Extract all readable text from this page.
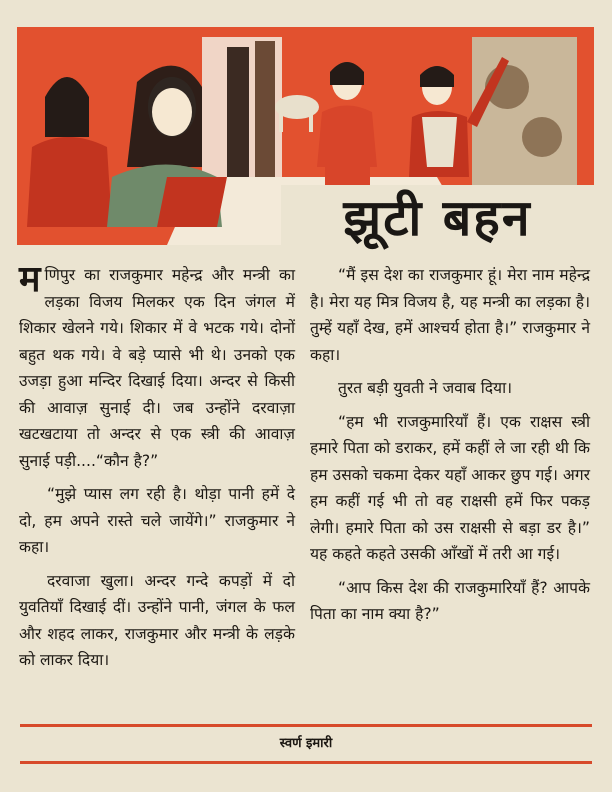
झूटी बहन

मणिपुर का राजकुमार महेन्द्र और मन्त्री का लड़का विजय मिलकर एक दिन जंगल में शिकार खेलने गये। शिकार में वे भटक गये। दोनों बहुत थक गये। वे बड़े प्यासे भी थे। उनको एक उजड़ा हुआ मन्दिर दिखाई दिया। अन्दर से किसी की आवाज़ सुनाई दी। जब उन्होंने दरवाज़ा खटखटाया तो अन्दर से एक स्त्री की आवाज़ सुनाई पड़ी....“कौन है?”

“मुझे प्यास लग रही है। थोड़ा पानी हमें दे दो, हम अपने रास्ते चले जायेंगे।” राजकुमार ने कहा।

दरवाजा खुला। अन्दर गन्दे कपड़ों में दो युवतियाँ दिखाई दीं। उन्होंने पानी, जंगल के फल और शहद लाकर, राजकुमार और मन्त्री के लड़के को लाकर दिया।

“मैं इस देश का राजकुमार हूं। मेरा नाम महेन्द्र है। मेरा यह मित्र विजय है, यह मन्त्री का लड़का है। तुम्हें यहाँ देख, हमें आश्चर्य होता है।” राजकुमार ने कहा।

तुरत बड़ी युवती ने जवाब दिया।

“हम भी राजकुमारियाँ हैं। एक राक्षस स्त्री हमारे पिता को डराकर, हमें कहीं ले जा रही थी कि हम उसको चकमा देकर यहाँ आकर छुप गई। अगर हम कहीं गई भी तो वह राक्षसी हमें फिर पकड़ लेगी। हमारे पिता को उस राक्षसी से बड़ा डर है।” यह कहते कहते उसकी आँखों में तरी आ गई।

“आप किस देश की राजकुमारियाँ हैं? आपके पिता का नाम क्या है?”

स्वर्ण इमारी
